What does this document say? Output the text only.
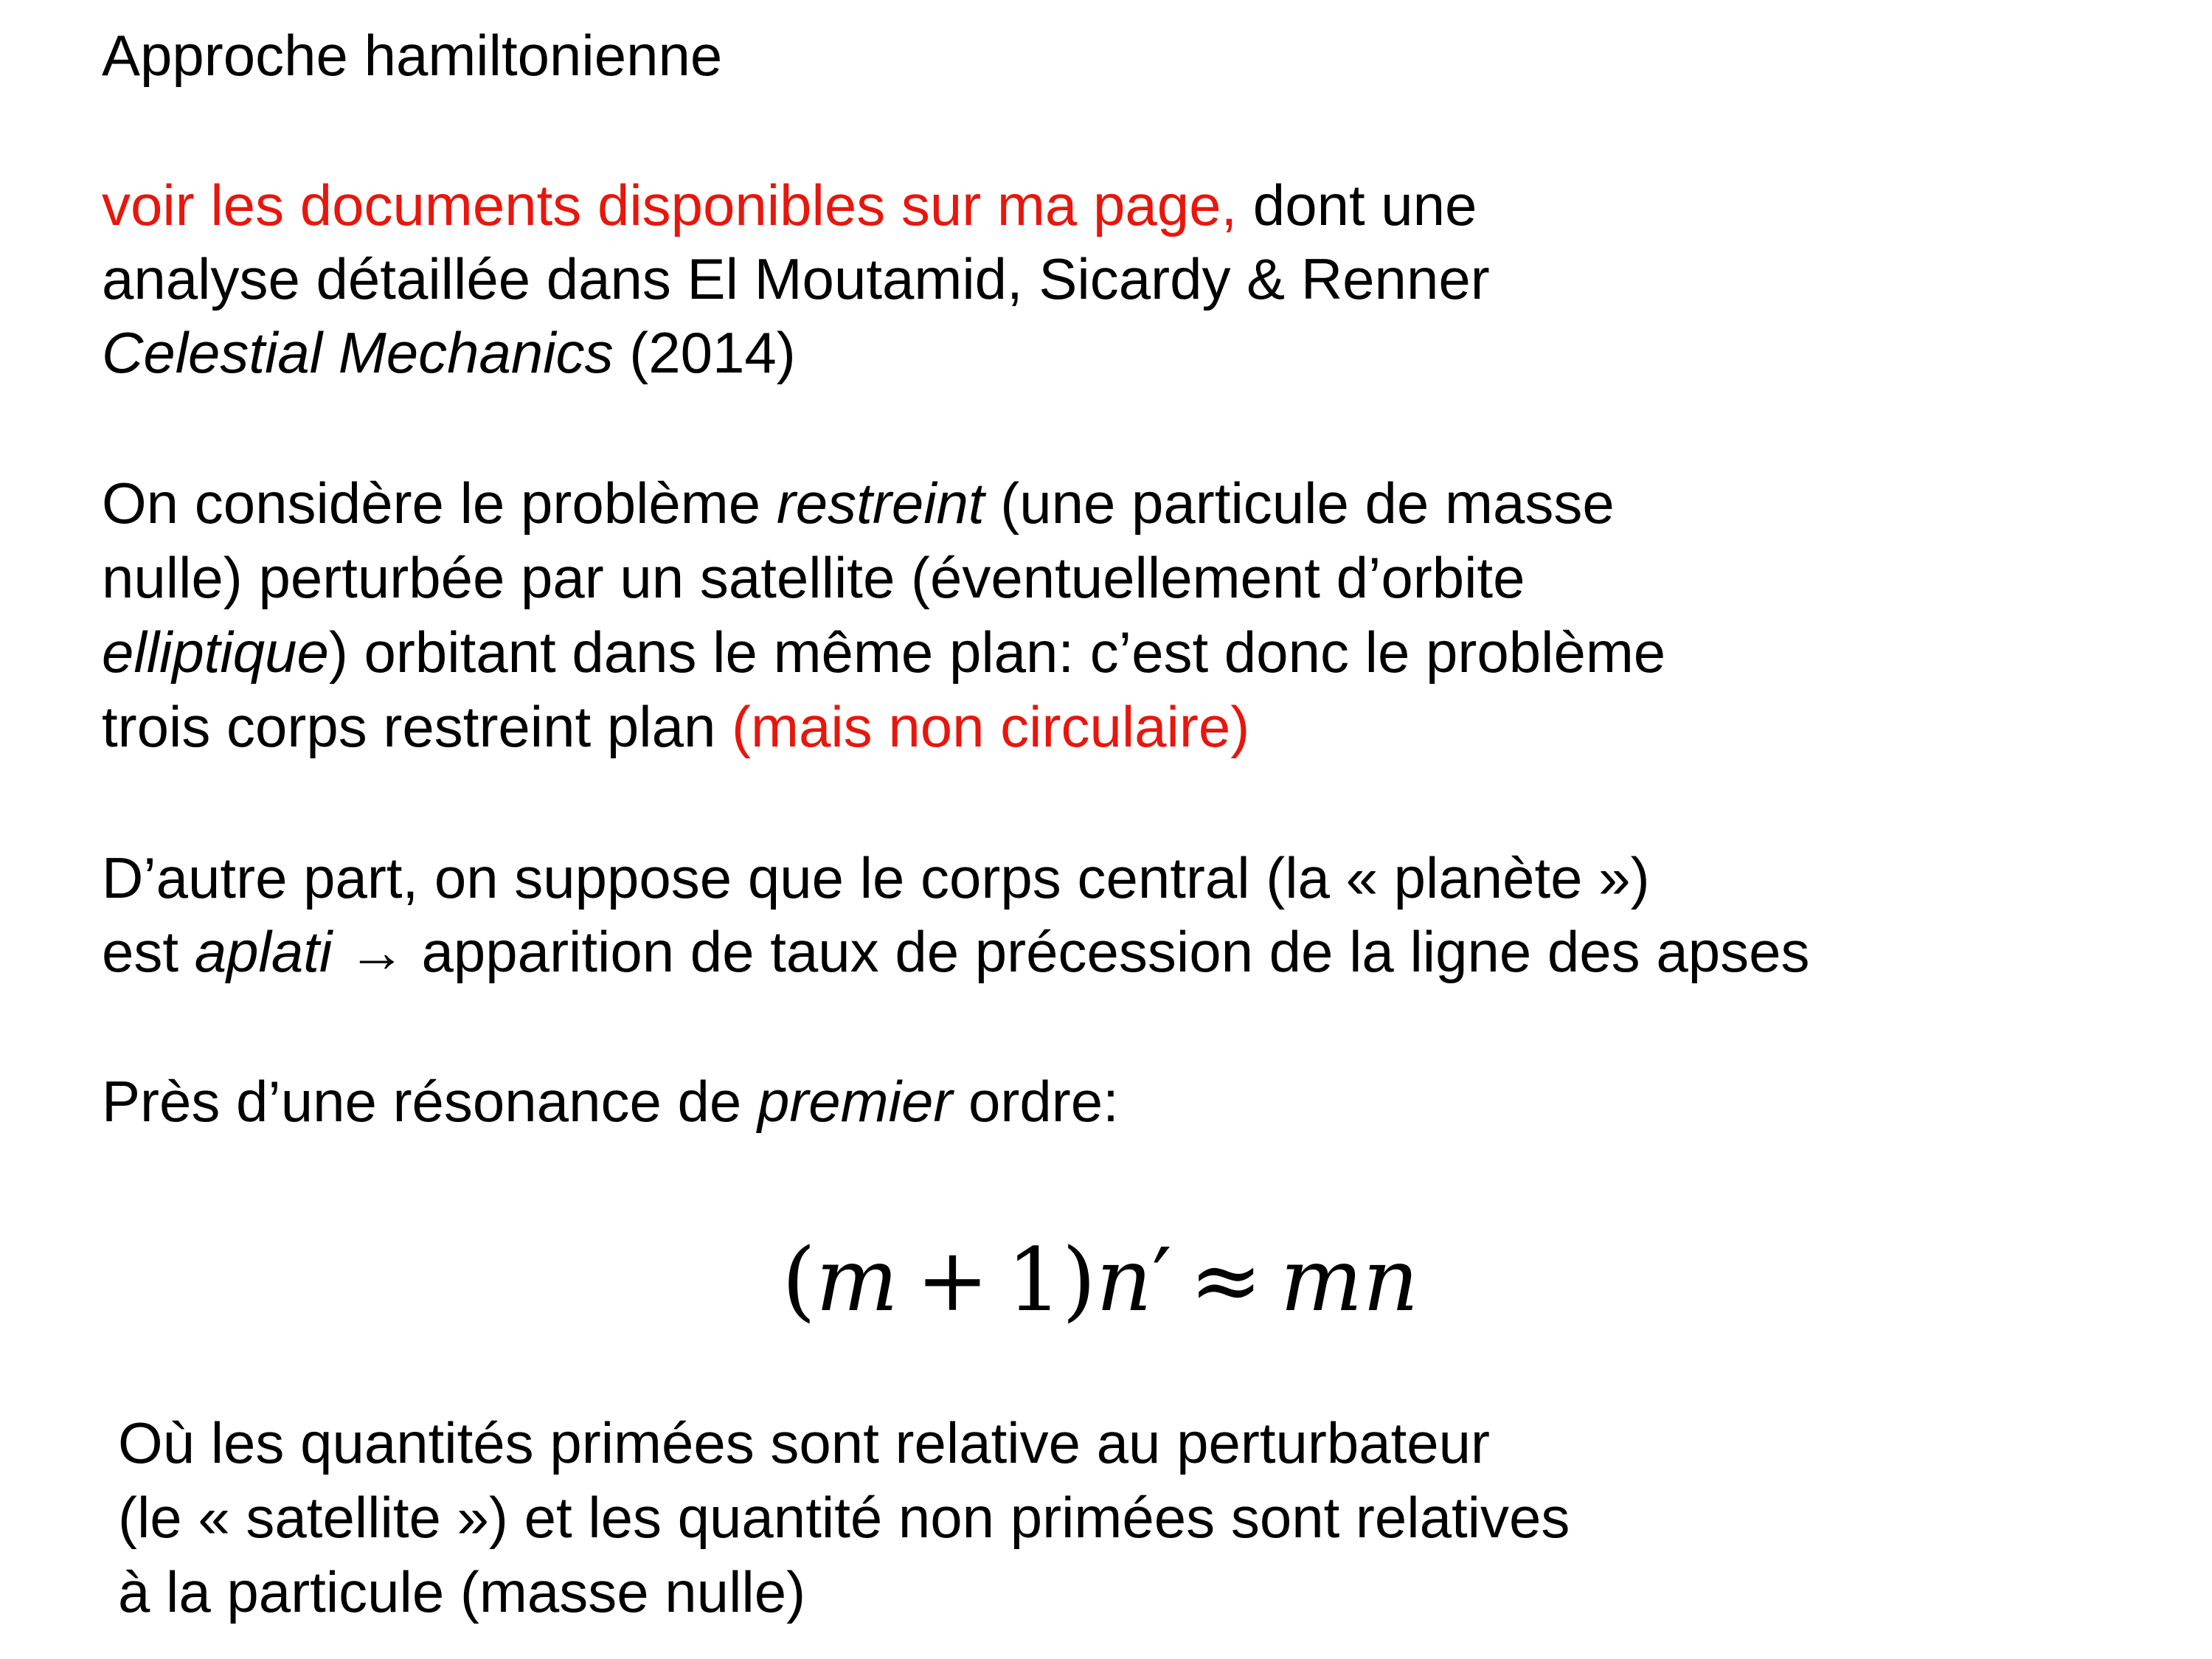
Approche hamiltonienne
voir les documents disponibles sur ma page, dont une
analyse détaillée dans El Moutamid, Sicardy & Renner
Celestial Mechanics (2014)
On considère le problème restreint (une particule de masse
nulle) perturbée par un satellite (éventuellement d’orbite
elliptique) orbitant dans le même plan: c’est donc le problème
trois corps restreint plan (mais non circulaire)
D’autre part, on suppose que le corps central (la « planète »)
est aplati → apparition de taux de précession de la ligne des apses
Près d’une résonance de premier ordre:
(m + 1)n′ ≈ mn
Où les quantités primées sont relative au perturbateur
(le « satellite ») et les quantité non primées sont relatives
à la particule (masse nulle)
